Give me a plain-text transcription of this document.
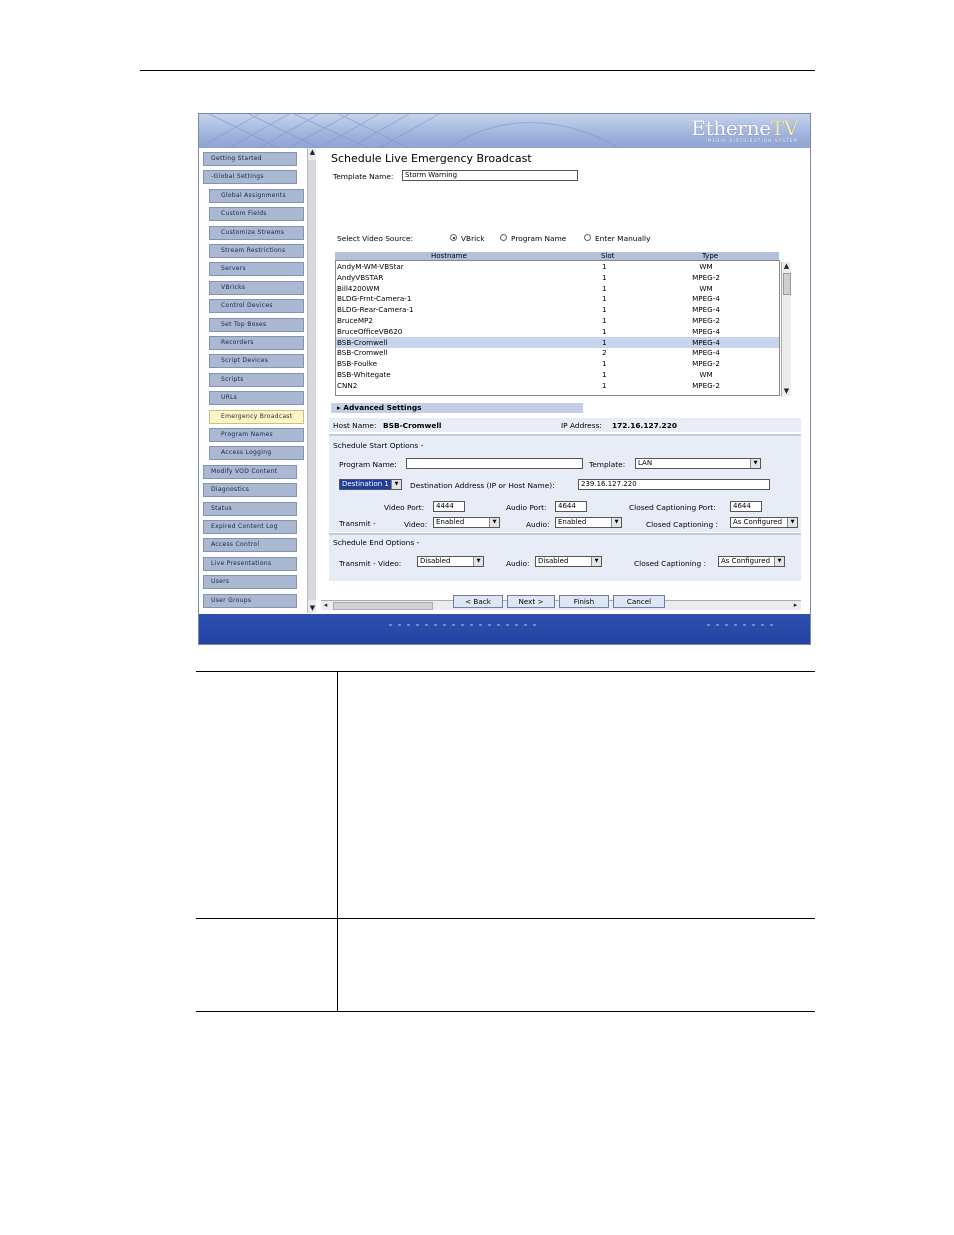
EtherneTV
MEDIA DISTRIBUTION SYSTEM
Getting Started
-Global Settings
Global Assignments
Custom Fields
Customize Streams
Stream Restrictions
Servers
VBricks
Control Devices
Set Top Boxes
Recorders
Script Devices
Scripts
URLs
Emergency Broadcast
Program Names
Access Logging
Modify VOD Content
Diagnostics
Status
Expired Content Log
Access Control
Live Presentations
Users
User Groups
▲
▼
Schedule Live Emergency Broadcast
Template Name:	Storm Warning
Select Video Source:	VBrick	Program Name	Enter Manually
Hostname	Slot	Type
CNN2	1	MPEG-2
BSB-Whitegate	1	WM
BSB-Foulke	1	MPEG-2
BSB-Cromwell	2	MPEG-4
BSB-Cromwell	1	MPEG-4
BruceOfficeVB620	1	MPEG-4
BruceMP2	1	MPEG-2
BLDG-Rear-Camera-1	1	MPEG-4
BLDG-Frnt-Camera-1	1	MPEG-4
Bill4200WM	1	WM
AndyVBSTAR	1	MPEG-2
AndyM-WM-VBStar	1	WM	▲
▼
▸ Advanced Settings
Host Name: BSB-Cromwell	IP Address: 172.16.127.220
Schedule Start Options -
Program Name:	Template:	LAN	▼
Destination 1	▼	Destination Address (IP or Host Name):	239.16.127.220
Video Port:	4444	Audio Port:	4644	Closed Captioning Port:	4644
Transmit -	Video:	Enabled	▼	Audio:	Enabled	▼	Closed Captioning :	As Configured	▼
Schedule End Options -
Transmit - Video:	Disabled	▼	Audio:	Disabled	▼	Closed Captioning :	As Configured	▼
◂	▸
< Back	Next >	Finish	Cancel
